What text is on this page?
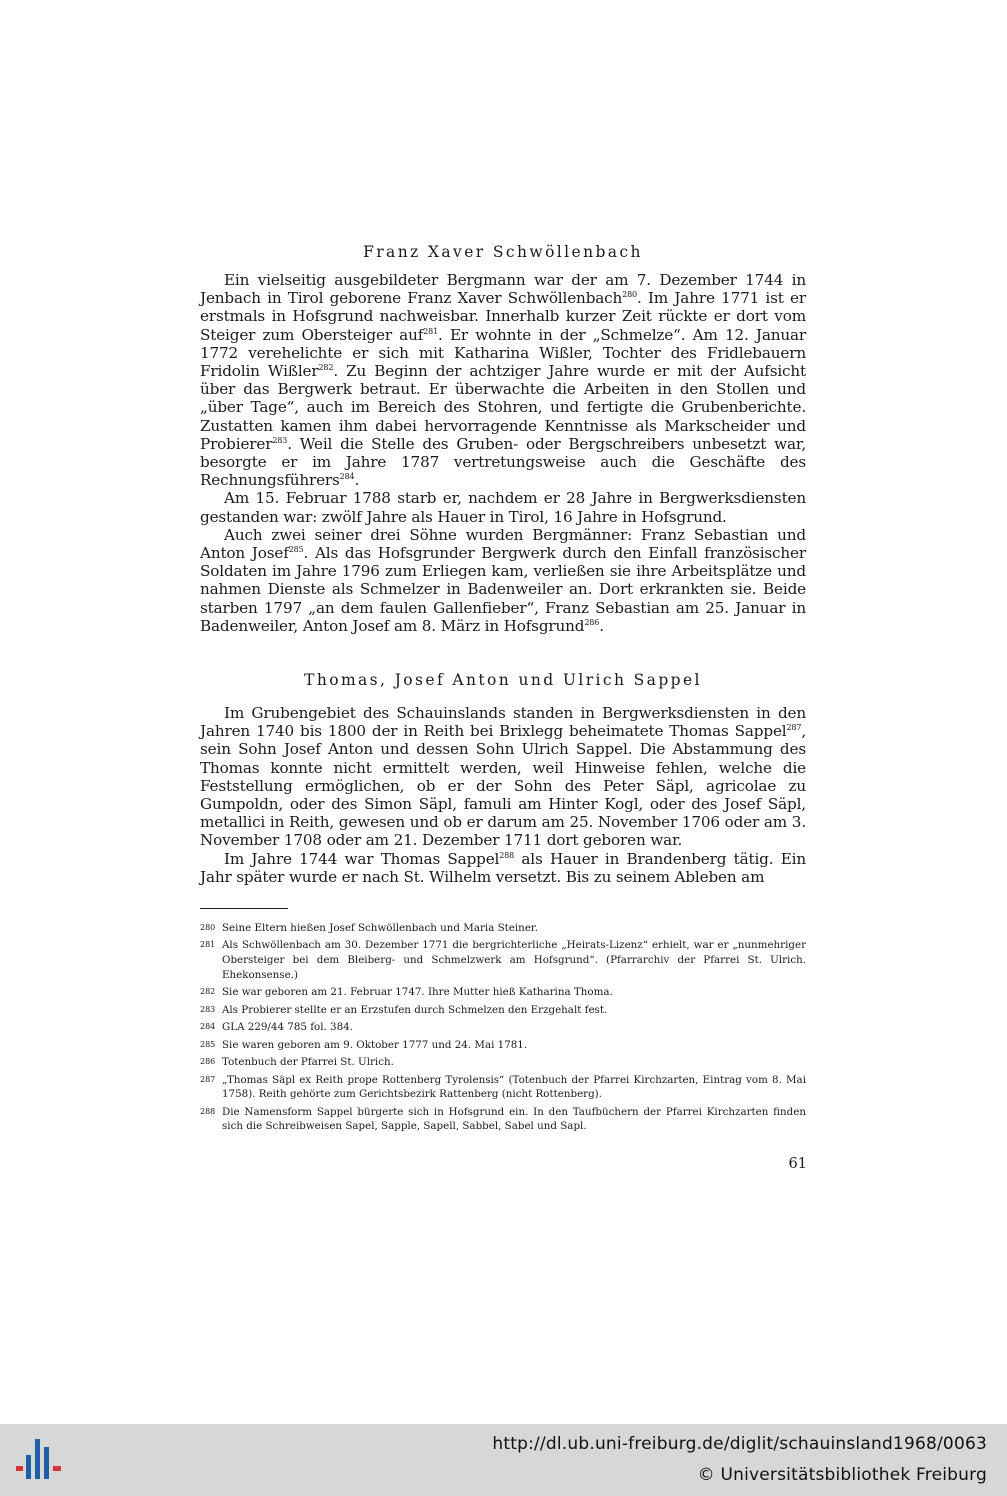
Franz Xaver Schwöllenbach

Ein vielseitig ausgebildeter Bergmann war der am 7. Dezember 1744 in Jenbach in Tirol geborene Franz Xaver Schwöllenbach$^{280}$. Im Jahre 1771 ist er erstmals in Hofsgrund nachweisbar. Innerhalb kurzer Zeit rückte er dort vom Steiger zum Obersteiger auf$^{281}$. Er wohnte in der „Schmelze“. Am 12. Januar 1772 verehelichte er sich mit Katharina Wißler, Tochter des Fridlebauern Fridolin Wißler$^{282}$. Zu Beginn der achtziger Jahre wurde er mit der Aufsicht über das Bergwerk betraut. Er überwachte die Arbeiten in den Stollen und „über Tage“, auch im Bereich des Stohren, und fertigte die Grubenberichte. Zustatten kamen ihm dabei hervorragende Kenntnisse als Markscheider und Probierer$^{283}$. Weil die Stelle des Gruben- oder Bergschreibers unbesetzt war, besorgte er im Jahre 1787 vertretungsweise auch die Geschäfte des Rechnungsführers$^{284}$.

Am 15. Februar 1788 starb er, nachdem er 28 Jahre in Bergwerksdiensten gestanden war: zwölf Jahre als Hauer in Tirol, 16 Jahre in Hofsgrund.

Auch zwei seiner drei Söhne wurden Bergmänner: Franz Sebastian und Anton Josef$^{285}$. Als das Hofsgrunder Bergwerk durch den Einfall französischer Soldaten im Jahre 1796 zum Erliegen kam, verließen sie ihre Arbeitsplätze und nahmen Dienste als Schmelzer in Badenweiler an. Dort erkrankten sie. Beide starben 1797 „an dem faulen Gallenfieber“, Franz Sebastian am 25. Januar in Badenweiler, Anton Josef am 8. März in Hofsgrund$^{286}$.

Thomas, Josef Anton und Ulrich Sappel

Im Grubengebiet des Schauinslands standen in Bergwerksdiensten in den Jahren 1740 bis 1800 der in Reith bei Brixlegg beheimatete Thomas Sappel$^{287}$, sein Sohn Josef Anton und dessen Sohn Ulrich Sappel. Die Abstammung des Thomas konnte nicht ermittelt werden, weil Hinweise fehlen, welche die Feststellung ermöglichen, ob er der Sohn des Peter Säpl, agricolae zu Gumpoldn, oder des Simon Säpl, famuli am Hinter Kogl, oder des Josef Säpl, metallici in Reith, gewesen und ob er darum am 25. November 1706 oder am 3. November 1708 oder am 21. Dezember 1711 dort geboren war.

Im Jahre 1744 war Thomas Sappel$^{288}$ als Hauer in Brandenberg tätig. Ein Jahr später wurde er nach St. Wilhelm versetzt. Bis zu seinem Ableben am

280 Seine Eltern hießen Josef Schwöllenbach und Maria Steiner.
281 Als Schwöllenbach am 30. Dezember 1771 die bergrichterliche „Heirats-Lizenz“ erhielt, war er „nunmehriger Obersteiger bei dem Bleiberg- und Schmelzwerk am Hofsgrund“. (Pfarrarchiv der Pfarrei St. Ulrich. Ehekonsense.)
282 Sie war geboren am 21. Februar 1747. Ihre Mutter hieß Katharina Thoma.
283 Als Probierer stellte er an Erzstufen durch Schmelzen den Erzgehalt fest.
284 GLA 229/44 785 fol. 384.
285 Sie waren geboren am 9. Oktober 1777 und 24. Mai 1781.
286 Totenbuch der Pfarrei St. Ulrich.
287 „Thomas Säpl ex Reith prope Rottenberg Tyrolensis“ (Totenbuch der Pfarrei Kirchzarten, Eintrag vom 8. Mai 1758). Reith gehörte zum Gerichtsbezirk Rattenberg (nicht Rottenberg).
288 Die Namensform Sappel bürgerte sich in Hofsgrund ein. In den Taufbüchern der Pfarrei Kirchzarten finden sich die Schreibweisen Sapel, Sapple, Sapell, Sabbel, Sabel und Sapl.
61
http://dl.ub.uni-freiburg.de/diglit/schauinsland1968/0063
© Universitätsbibliothek Freiburg
